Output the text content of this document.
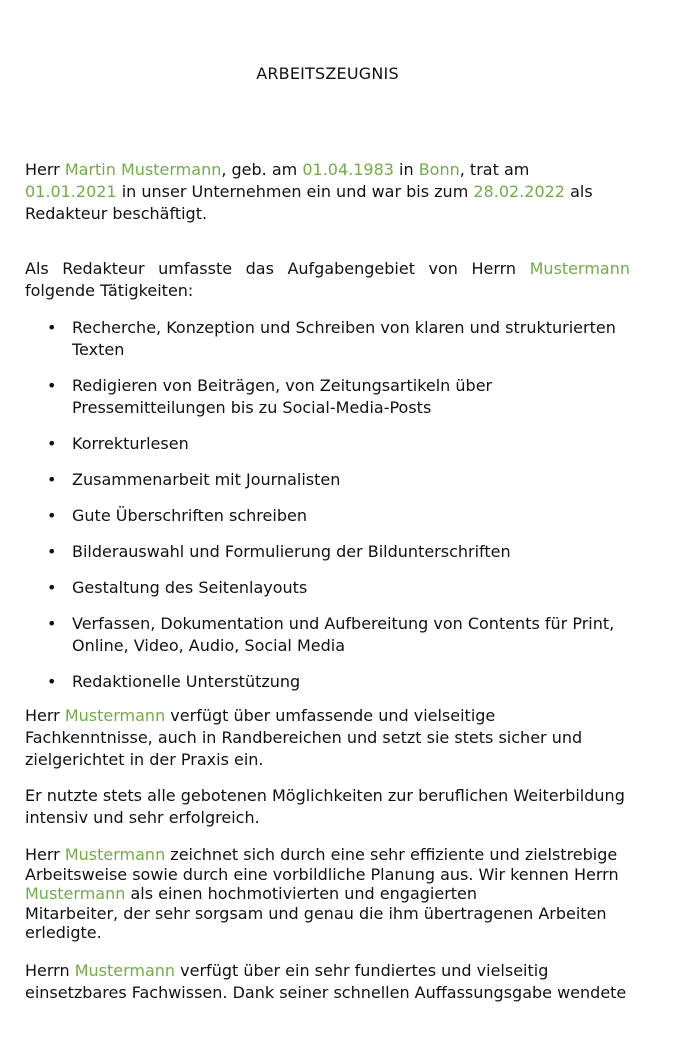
ARBEITSZEUGNIS
Herr Martin Mustermann, geb. am 01.04.1983 in Bonn, trat am
01.01.2021 in unser Unternehmen ein und war bis zum 28.02.2022 als
Redakteur beschäftigt.
Als Redakteur umfasste das Aufgabengebiet von Herrn Mustermann
folgende Tätigkeiten:
• Recherche, Konzeption und Schreiben von klaren und strukturierten Texten
• Redigieren von Beiträgen, von Zeitungsartikeln über Pressemitteilungen bis zu Social-Media-Posts
• Korrekturlesen
• Zusammenarbeit mit Journalisten
• Gute Überschriften schreiben
• Bilderauswahl und Formulierung der Bildunterschriften
• Gestaltung des Seitenlayouts
• Verfassen, Dokumentation und Aufbereitung von Contents für Print, Online, Video, Audio, Social Media
• Redaktionelle Unterstützung
Herr Mustermann verfügt über umfassende und vielseitige
Fachkenntnisse, auch in Randbereichen und setzt sie stets sicher und
zielgerichtet in der Praxis ein.
Er nutzte stets alle gebotenen Möglichkeiten zur beruflichen Weiterbildung
intensiv und sehr erfolgreich.
Herr Mustermann zeichnet sich durch eine sehr effiziente und zielstrebige
Arbeitsweise sowie durch eine vorbildliche Planung aus. Wir kennen Herrn
Mustermann als einen hochmotivierten und engagierten
Mitarbeiter, der sehr sorgsam und genau die ihm übertragenen Arbeiten
erledigte.
Herrn Mustermann verfügt über ein sehr fundiertes und vielseitig
einsetzbares Fachwissen. Dank seiner schnellen Auffassungsgabe wendete
